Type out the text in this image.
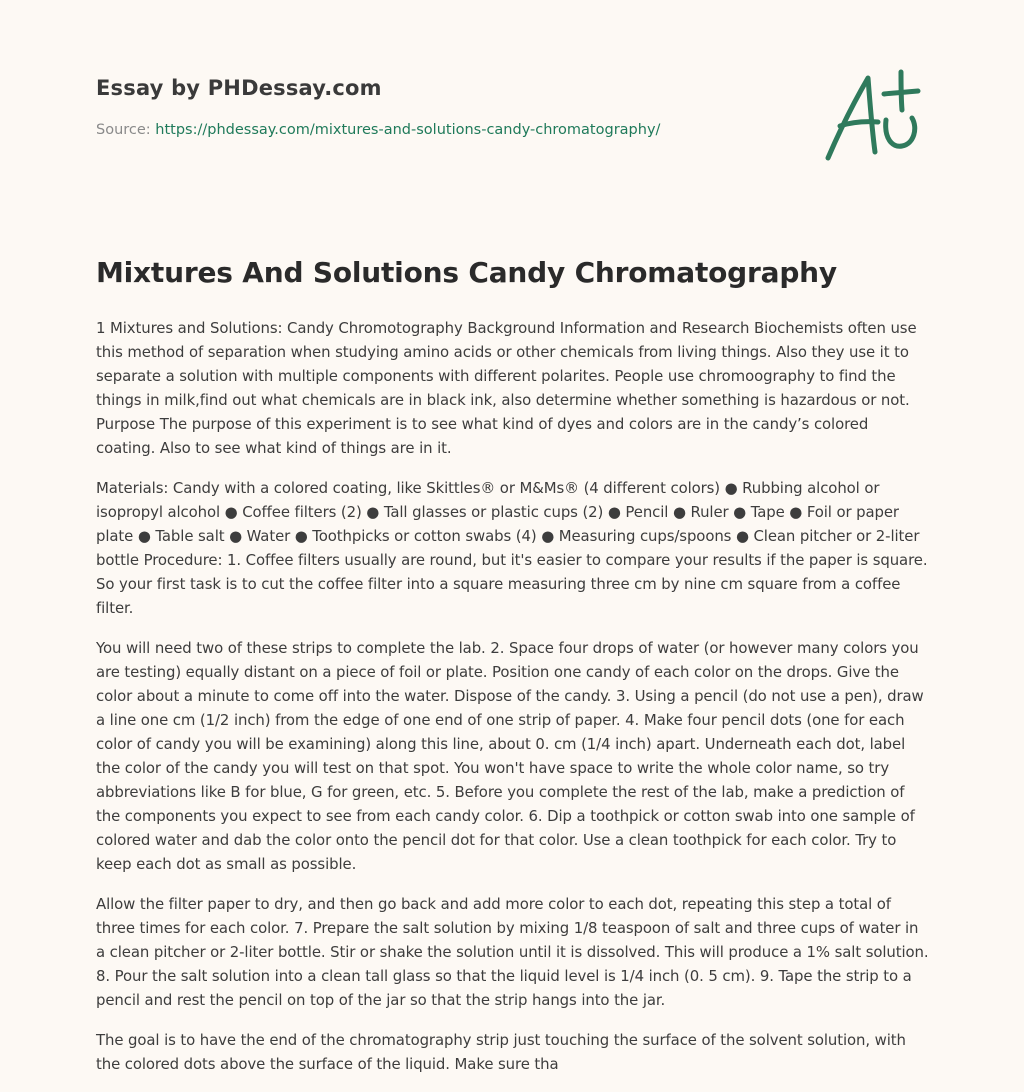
Essay by PHDessay.com
Source: https://phdessay.com/mixtures-and-solutions-candy-chromatography/
Mixtures And Solutions Candy Chromatography

1 Mixtures and Solutions: Candy Chromotography Background Information and Research Biochemists often use this method of separation when studying amino acids or other chemicals from living things. Also they use it to separate a solution with multiple components with different polarites. People use chromoography to find the things in milk,find out what chemicals are in black ink, also determine whether something is hazardous or not. Purpose The purpose of this experiment is to see what kind of dyes and colors are in the candy’s colored coating. Also to see what kind of things are in it.

Materials: Candy with a colored coating, like Skittles® or M&Ms® (4 different colors) ● Rubbing alcohol or isopropyl alcohol ● Coffee filters (2) ● Tall glasses or plastic cups (2) ● Pencil ● Ruler ● Tape ● Foil or paper plate ● Table salt ● Water ● Toothpicks or cotton swabs (4) ● Measuring cups/spoons ● Clean pitcher or 2-liter bottle Procedure: 1. Coffee filters usually are round, but it's easier to compare your results if the paper is square. So your first task is to cut the coffee filter into a square measuring three cm by nine cm square from a coffee filter.

You will need two of these strips to complete the lab. 2. Space four drops of water (or however many colors you are testing) equally distant on a piece of foil or plate. Position one candy of each color on the drops. Give the color about a minute to come off into the water. Dispose of the candy. 3. Using a pencil (do not use a pen), draw a line one cm (1/2 inch) from the edge of one end of one strip of paper. 4. Make four pencil dots (one for each color of candy you will be examining) along this line, about 0. cm (1/4 inch) apart. Underneath each dot, label the color of the candy you will test on that spot. You won't have space to write the whole color name, so try abbreviations like B for blue, G for green, etc. 5. Before you complete the rest of the lab, make a prediction of the components you expect to see from each candy color. 6. Dip a toothpick or cotton swab into one sample of colored water and dab the color onto the pencil dot for that color. Use a clean toothpick for each color. Try to keep each dot as small as possible.

Allow the filter paper to dry, and then go back and add more color to each dot, repeating this step a total of three times for each color. 7. Prepare the salt solution by mixing 1/8 teaspoon of salt and three cups of water in a clean pitcher or 2-liter bottle. Stir or shake the solution until it is dissolved. This will produce a 1% salt solution. 8. Pour the salt solution into a clean tall glass so that the liquid level is 1/4 inch (0. 5 cm). 9. Tape the strip to a pencil and rest the pencil on top of the jar so that the strip hangs into the jar.

The goal is to have the end of the chromatography strip just touching the surface of the solvent solution, with the colored dots above the surface of the liquid. Make sure tha
